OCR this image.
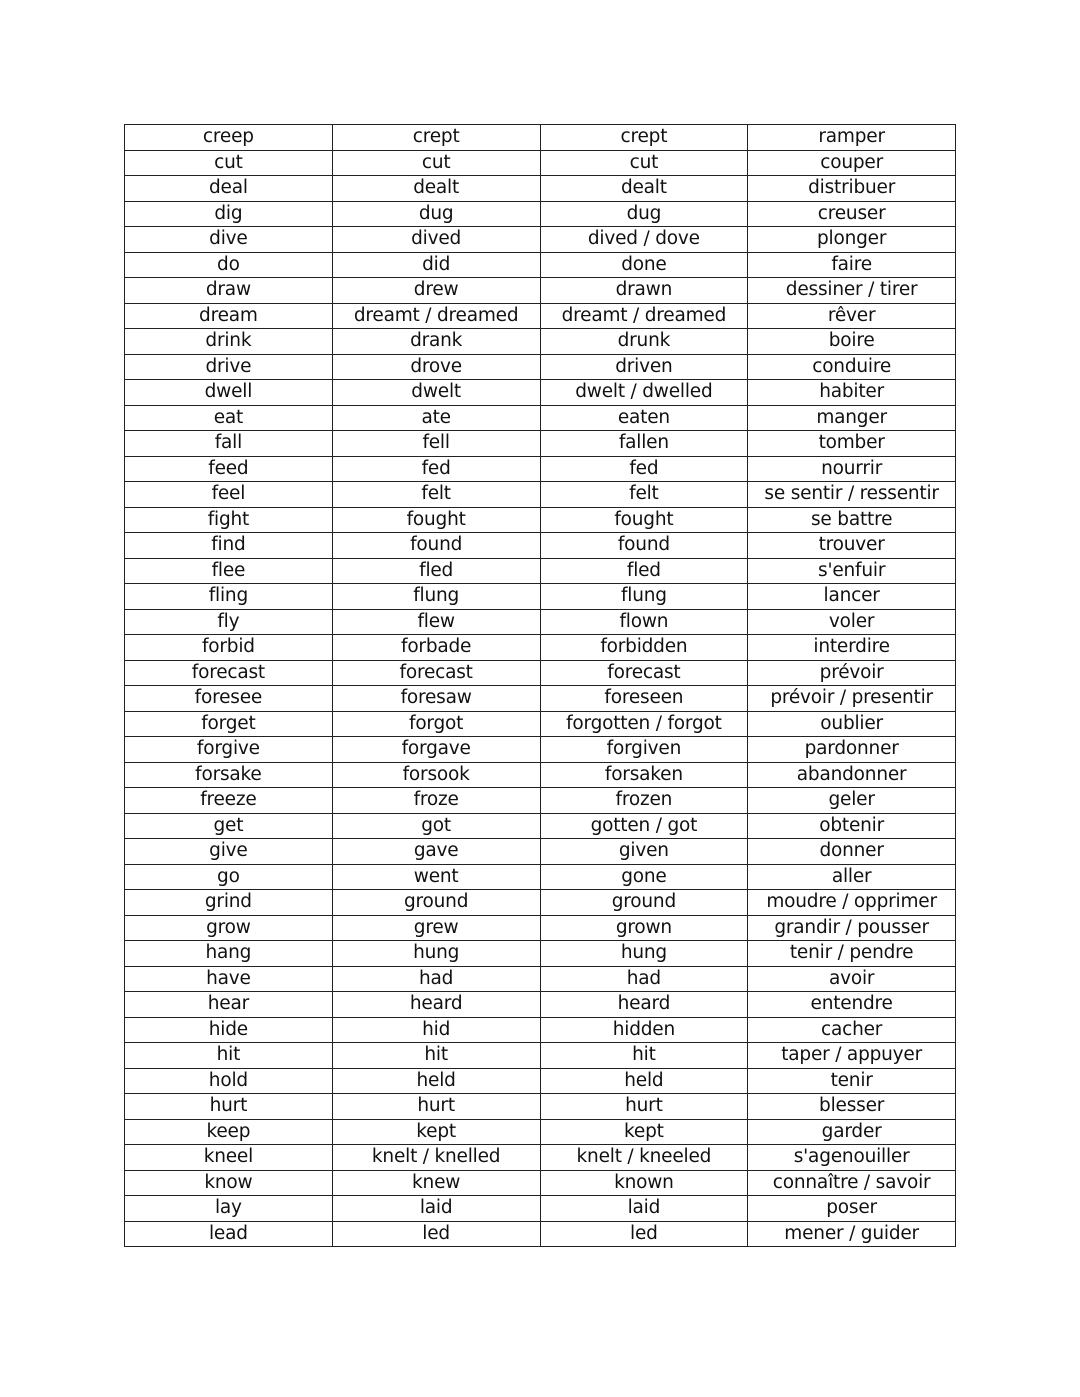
creep	crept	crept	ramper
cut	cut	cut	couper
deal	dealt	dealt	distribuer
dig	dug	dug	creuser
dive	dived	dived / dove	plonger
do	did	done	faire
draw	drew	drawn	dessiner / tirer
dream	dreamt / dreamed	dreamt / dreamed	rêver
drink	drank	drunk	boire
drive	drove	driven	conduire
dwell	dwelt	dwelt / dwelled	habiter
eat	ate	eaten	manger
fall	fell	fallen	tomber
feed	fed	fed	nourrir
feel	felt	felt	se sentir / ressentir
fight	fought	fought	se battre
find	found	found	trouver
flee	fled	fled	s'enfuir
fling	flung	flung	lancer
fly	flew	flown	voler
forbid	forbade	forbidden	interdire
forecast	forecast	forecast	prévoir
foresee	foresaw	foreseen	prévoir / presentir
forget	forgot	forgotten / forgot	oublier
forgive	forgave	forgiven	pardonner
forsake	forsook	forsaken	abandonner
freeze	froze	frozen	geler
get	got	gotten / got	obtenir
give	gave	given	donner
go	went	gone	aller
grind	ground	ground	moudre / opprimer
grow	grew	grown	grandir / pousser
hang	hung	hung	tenir / pendre
have	had	had	avoir
hear	heard	heard	entendre
hide	hid	hidden	cacher
hit	hit	hit	taper / appuyer
hold	held	held	tenir
hurt	hurt	hurt	blesser
keep	kept	kept	garder
kneel	knelt / knelled	knelt / kneeled	s'agenouiller
know	knew	known	connaître / savoir
lay	laid	laid	poser
lead	led	led	mener / guider
